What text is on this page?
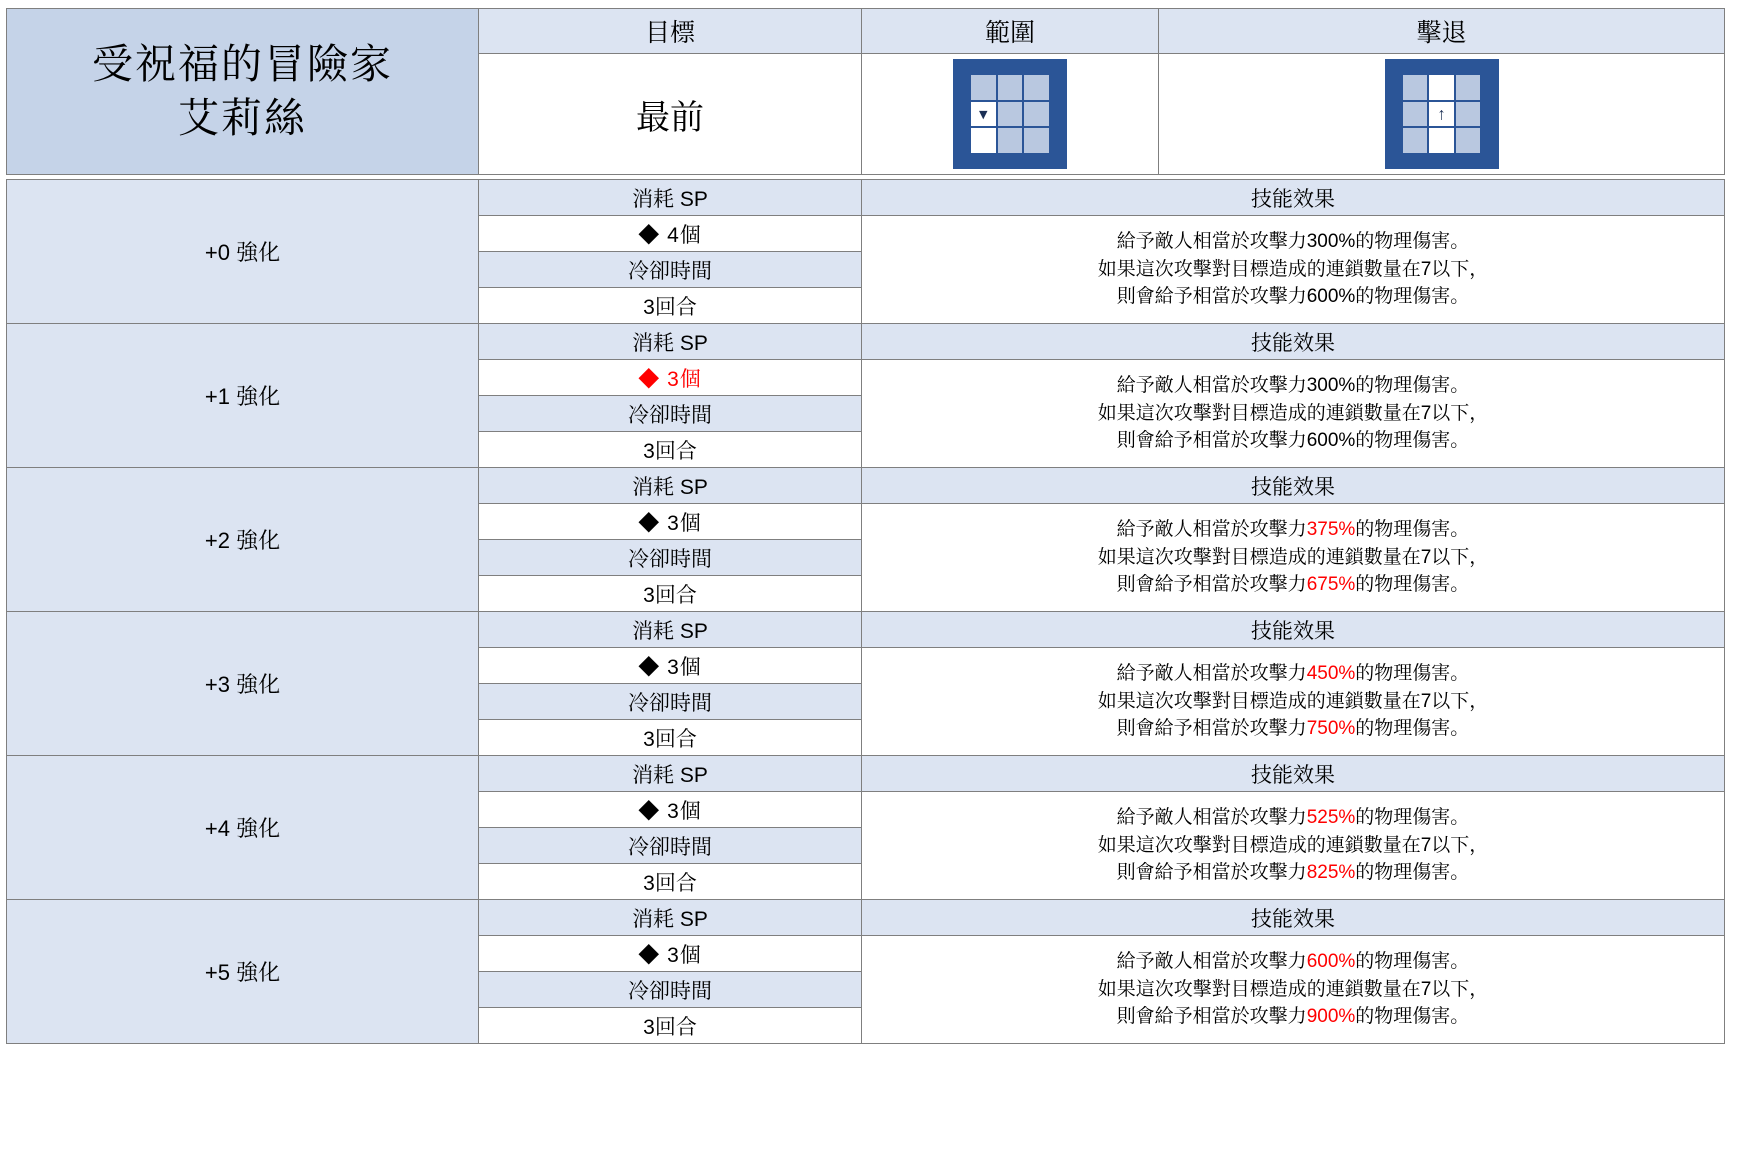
受祝福的冒險家
艾莉絲	目標	範圍	擊退
	最前	▾	↑
+0 強化	消耗 SP	技能效果
	◆ 4個	給予敵人相當於攻擊力300%的物理傷害。
如果這次攻擊對目標造成的連鎖數量在7以下，
則會給予相當於攻擊力600%的物理傷害。

	冷卻時間	
	3回合	
+1 強化	消耗 SP	技能效果
	◆ 3個	給予敵人相當於攻擊力300%的物理傷害。
如果這次攻擊對目標造成的連鎖數量在7以下，
則會給予相當於攻擊力600%的物理傷害。

	冷卻時間	
	3回合	
+2 強化	消耗 SP	技能效果
	◆ 3個	給予敵人相當於攻擊力375%的物理傷害。
如果這次攻擊對目標造成的連鎖數量在7以下，
則會給予相當於攻擊力675%的物理傷害。

	冷卻時間	
	3回合	
+3 強化	消耗 SP	技能效果
	◆ 3個	給予敵人相當於攻擊力450%的物理傷害。
如果這次攻擊對目標造成的連鎖數量在7以下，
則會給予相當於攻擊力750%的物理傷害。

	冷卻時間	
	3回合	
+4 強化	消耗 SP	技能效果
	◆ 3個	給予敵人相當於攻擊力525%的物理傷害。
如果這次攻擊對目標造成的連鎖數量在7以下，
則會給予相當於攻擊力825%的物理傷害。

	冷卻時間	
	3回合	
+5 強化	消耗 SP	技能效果
	◆ 3個	給予敵人相當於攻擊力600%的物理傷害。
如果這次攻擊對目標造成的連鎖數量在7以下，
則會給予相當於攻擊力900%的物理傷害。

	冷卻時間	
	3回合	
